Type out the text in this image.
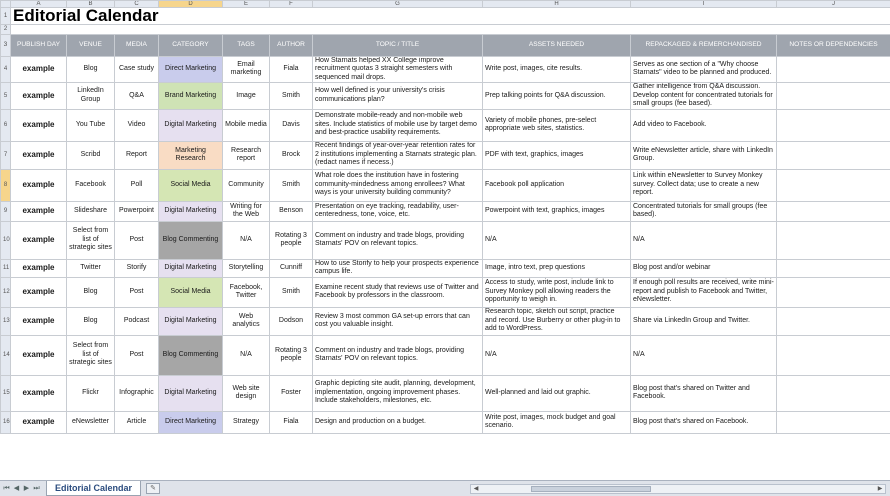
	A	B	C	D	E	F	G	H	I	J	
1	Editorial Calendar										
2											
3	PUBLISH DAY	VENUE	MEDIA	CATEGORY	TAGS	AUTHOR	TOPIC / TITLE	ASSETS NEEDED	REPACKAGED & REMERCHANDISED	NOTES OR DEPENDENCIES	
4	example	Blog	Case study	Direct Marketing	Email marketing	Fiala	How Starnats helped XX College improve recruitment quotas 3 straight semesters with sequenced mail drops.	Write post, images, cite results.	Serves as one section of a "Why choose Starnats" video to be planned and produced.		
5	example	LinkedIn Group	Q&A	Brand Marketing	Image	Smith	How well defined is your university's crisis communications plan?	Prep talking points for Q&A discussion.	Gather intelligence from Q&A discussion. Develop content for concentrated tutorials for small groups (fee based).		
6	example	You Tube	Video	Digital Marketing	Mobile media	Davis	Demonstrate mobile-ready and non-mobile web sites. Include statistics of mobile use by target demo and best-practice usability requirements.	Variety of mobile phones, pre-select appropriate web sites, statistics.	Add video to Facebook.		
7	example	Scribd	Report	Marketing Research	Research report	Brock	Recent findings of year-over-year retention rates for 2 institutions implementing a Starnats strategic plan. (redact names if necess.)	PDF with text, graphics, images	Write eNewsletter article, share with LinkedIn Group.		
8	example	Facebook	Poll	Social Media	Community	Smith	What role does the institution have in fostering community-mindedness among enrollees? What ways is your university building community?	Facebook poll application	Link within eNewsletter to Survey Monkey survey. Collect data; use to create a new report.		
9	example	Slideshare	Powerpoint	Digital Marketing	Writing for the Web	Benson	Presentation on eye tracking, readability, user-centeredness, tone, voice, etc.	Powerpoint with text, graphics, images	Concentrated tutorials for small groups (fee based).		
10	example	Select from list of strategic sites	Post	Blog Commenting	N/A	Rotating 3 people	Comment on industry and trade blogs, providing Starnats' POV on relevant topics.	N/A	N/A		
11	example	Twitter	Storify	Digital Marketing	Storytelling	Cunniff	How to use Storify to help your prospects experience campus life.	Image, intro text, prep questions	Blog post and/or webinar		
12	example	Blog	Post	Social Media	Facebook, Twitter	Smith	Examine recent study that reviews use of Twitter and Facebook by professors in the classroom.	Access to study, write post, include link to Survey Monkey poll allowing readers the opportunity to weigh in.	If enough poll results are received, write mini-report and publish to Facebook and Twitter, eNewsletter.		
13	example	Blog	Podcast	Digital Marketing	Web analytics	Dodson	Review 3 most common GA set-up errors that can cost you valuable insight.	Research topic, sketch out script, practice and record. Use Burberry or other plug-in to add to WordPress.	Share via LinkedIn Group and Twitter.		
14	example	Select from list of strategic sites	Post	Blog Commenting	N/A	Rotating 3 people	Comment on industry and trade blogs, providing Starnats' POV on relevant topics.	N/A	N/A		
15	example	Flickr	Infographic	Digital Marketing	Web site design	Foster	Graphic depicting site audit, planning, development, implementation, ongoing improvement phases. Include stakeholders, milestones, etc.	Well-planned and laid out graphic.	Blog post that's shared on Twitter and Facebook.		
16	example	eNewsletter	Article	Direct Marketing	Strategy	Fiala	Design and production on a budget.	Write post, images, mock budget and goal scenario.	Blog post that's shared on Facebook.		
⏮ ◀ ▶ ⏭	Editorial Calendar	✎	◀	▶
